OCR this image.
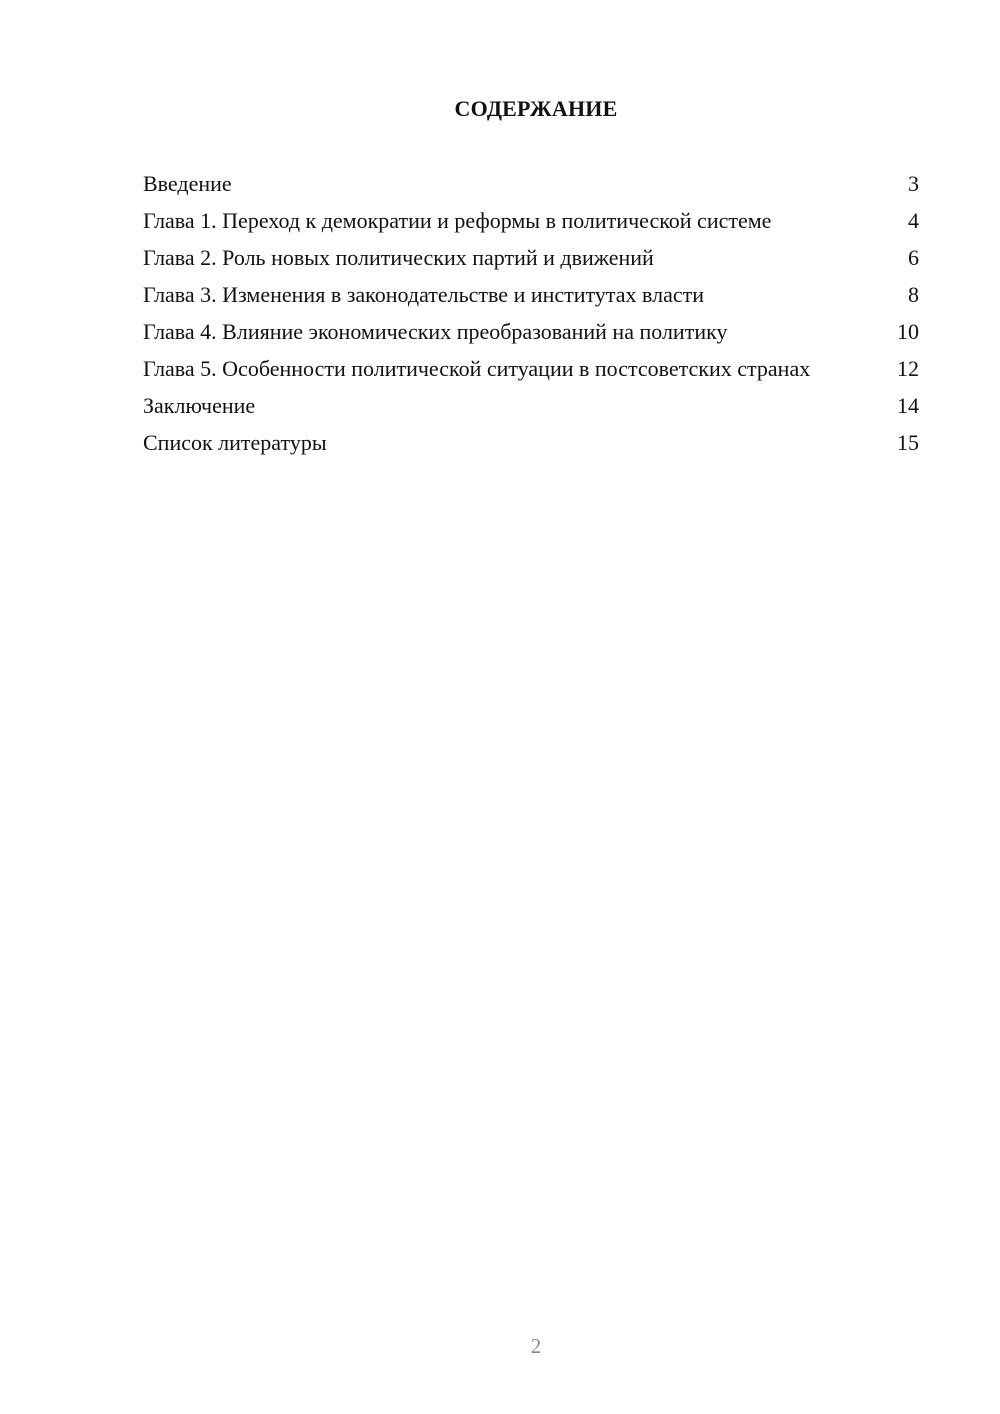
СОДЕРЖАНИЕ
Введение	3
Глава 1. Переход к демократии и реформы в политической системе	4
Глава 2. Роль новых политических партий и движений	6
Глава 3. Изменения в законодательстве и институтах власти	8
Глава 4. Влияние экономических преобразований на политику	10
Глава 5. Особенности политической ситуации в постсоветских странах	12
Заключение	14
Список литературы	15
2
